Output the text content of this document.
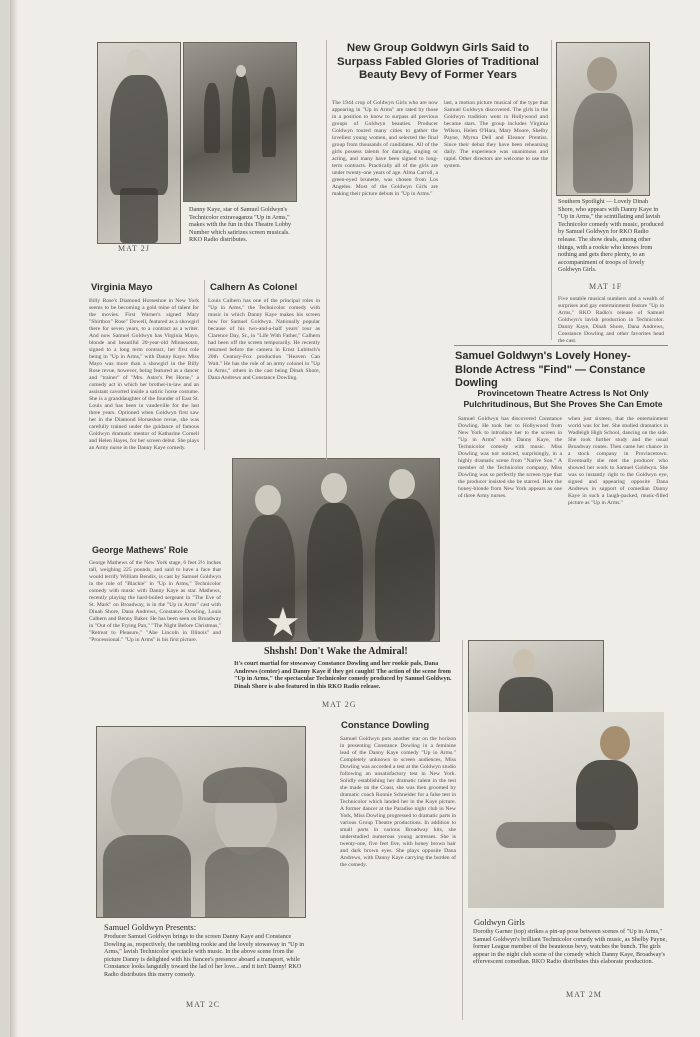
Danny Kaye, star of Samuel Goldwyn's Technicolor extravaganza "Up in Arms," makes with the fun in this Theatre Lobby Number which satirizes screen musicals. RKO Radio distributes.
MAT 2J
New Group Goldwyn Girls Said to Surpass Fabled Glories of Traditional Beauty Bevy of Former Years
The 1944 crop of Goldwyn Girls who are now appearing in "Up in Arms" are rated by those in a position to know to surpass all previous groups of Goldwyn beauties. Producer Goldwyn toured many cities to gather the loveliest young women, and selected the final group from thousands of candidates. All of the girls possess talents for dancing, singing or acting, and many have been signed to long-term contracts. Practically all of the girls are under twenty-one years of age. Alma Carroll, a green-eyed brunette, was chosen from Los Angeles. Most of the Goldwyn Girls are making their picture debuts in "Up in Arms."
last, a motion picture musical of the type that Samuel Goldwyn discovered. The girls in the Goldwyn tradition went to Hollywood and became stars. The group includes Virginia Wilson, Helen O'Hara, Mary Moore, Shelby Payne, Myrna Dell and Eleanor Prentiss. Since their debut they have been rehearsing daily. The experience was unanimous and rapid. Other directors are welcome to use the system.
Southern Spotlight — Lovely Dinah Shore, who appears with Danny Kaye in "Up in Arms," the scintillating and lavish Technicolor comedy with music, produced by Samuel Goldwyn for RKO Radio release. The show deals, among other things, with a rookie who knows from nothing and gets there plenty, to an accompaniment of troops of lovely Goldwyn Girls.
MAT 1F
Five notable musical numbers and a wealth of surprises and gay entertainment feature "Up in Arms," RKO Radio's release of Samuel Goldwyn's lavish production in Technicolor. Danny Kaye, Dinah Shore, Dana Andrews, Constance Dowling and other favorites head the cast.
Virginia Mayo
Billy Rose's Diamond Horseshoe in New York seems to be becoming a gold mine of talent for the movies. First Warner's signed Mary "Shirtbox" Rose" Dowell, featured as a showgirl there for seven years, to a contract as a writer. And now Samuel Goldwyn has Virginia Mayo, blonde and beautiful 20-year-old Minnesotan, signed to a long term contract, her first role being in "Up in Arms," with Danny Kaye. Miss Mayo was more than a showgirl in the Billy Rose revue, however, being featured as a dancer and "trainer" of "Mrs. Astor's Pet Horse," a comedy act in which her brother-in-law and an assistant cavorted inside a satiric horse costume. She is a granddaughter of the founder of East St. Louis and has been in vaudeville for the last three years. Optioned when Goldwyn first saw her in the Diamond Horseshoe revue, she was carefully trained under the guidance of famous Goldwyn dramatic mentor of Katharine Cornell and Helen Hayes, for her screen debut. She plays an Army nurse in the Danny Kaye comedy.
Calhern As Colonel
Louis Calhern has one of the principal roles in "Up in Arms," the Technicolor comedy with music in which Danny Kaye makes his screen bow for Samuel Goldwyn. Nationally popular because of his two-and-a-half years' tour as Clarence Day, Sr., in "Life With Father," Calhern had been off the screen temporarily. He recently returned before the camera in Ernst Lubitsch's 20th Century-Fox production "Heaven Can Wait." He has the role of an army colonel in "Up in Arms," others in the cast being Dinah Shore, Dana Andrews and Constance Dowling.
George Mathews' Role
George Mathews of the New York stage, 6 feet 2½ inches tall, weighing 225 pounds, and said to have a face that would terrify William Bendix, is cast by Samuel Goldwyn in the role of "Blackie" in "Up in Arms," Technicolor comedy with music with Danny Kaye as star. Mathews, recently playing the hard-boiled sergeant in "The Eve of St. Mark" on Broadway, is in the "Up in Arms" cast with Dinah Shore, Dana Andrews, Constance Dowling, Louis Calhern and Benny Baker. He has been seen on Broadway in "Out of the Frying Pan," "The Night Before Christmas," "Retreat to Pleasure," "Abe Lincoln in Illinois" and "Processional." "Up in Arms" is his first picture.	★
Shshsh! Don't Wake the Admiral!
It's court martial for stowaway Constance Dowling and her rookie pals, Dana Andrews (center) and Danny Kaye if they get caught! The action of the scene from "Up in Arms," the spectacular Technicolor comedy produced by Samuel Goldwyn. Dinah Shore is also featured in this RKO Radio release.
MAT 2G
Samuel Goldwyn's Lovely Honey-Blonde Actress "Find" — Constance Dowling
Provincetown Theatre Actress Is Not Only Pulchritudinous, But She Proves She Can Emote
Samuel Goldwyn has discovered Constance Dowling. He took her to Hollywood from New York to introduce her to the screen in "Up in Arms" with Danny Kaye, the Technicolor comedy with music. Miss Dowling was not noticed, surprisingly, in a highly dramatic scene from "Native Son." A member of the Technicolor company, Miss Dowling was so perfectly the screen type that the producer insisted she be starred. Here the honey-blonde from New York appears as one of three Army nurses.
when just sixteen, that the entertainment world was for her. She studied dramatics in Wadleigh High School, dancing on the side. She took further study and the usual Broadway routes. Then came her chance in a stock company in Provincetown. Eventually she met the producer who showed her work to Samuel Goldwyn. She was so instantly right to the Goldwyn eye, signed and appearing opposite Dana Andrews in support of comedian Danny Kaye in such a laugh-packed, music-filled picture as "Up in Arms."
Samuel Goldwyn Presents:
Producer Samuel Goldwyn brings to the screen Danny Kaye and Constance Dowling as, respectively, the rambling rookie and the lovely stowaway in "Up in Arms," lavish Technicolor spectacle with music. In the above scene from the picture Danny is delighted with his fiancee's presence aboard a transport, while Constance looks languidly toward the lad of her love... and it isn't Danny! RKO Radio distributes this merry comedy.
MAT 2C
Constance Dowling
Samuel Goldwyn puts another star on the horizon in presenting Constance Dowling in a feminine lead of the Danny Kaye comedy "Up in Arms." Completely unknown to screen audiences, Miss Dowling was accorded a test at the Goldwyn studio following an unsatisfactory test in New York. Solidly establishing her dramatic talent in the test she made on the Coast, she was then groomed by dramatic coach Ronnie Schneider for a false test in Technicolor which landed her in the Kaye picture. A former dancer at the Paradise night club in New York, Miss Dowling progressed to dramatic parts in various Group Theatre productions. In addition to small parts in various Broadway hits, she understudied numerous young actresses. She is twenty-one, five feet five, with honey brown hair and dark brown eyes. She plays opposite Dana Andrews, with Danny Kaye carrying the burden of the comedy.
Goldwyn Girls
Dorothy Garner (top) strikes a pin-up pose between scenes of "Up in Arms," Samuel Goldwyn's brilliant Technicolor comedy with music, as Shelby Payne, former League member of the beauteous bevy, watches the bunch. The girls appear in the night club scene of the comedy which Danny Kaye, Broadway's effervescent comedian. RKO Radio distributes this elaborate production.
MAT 2M
